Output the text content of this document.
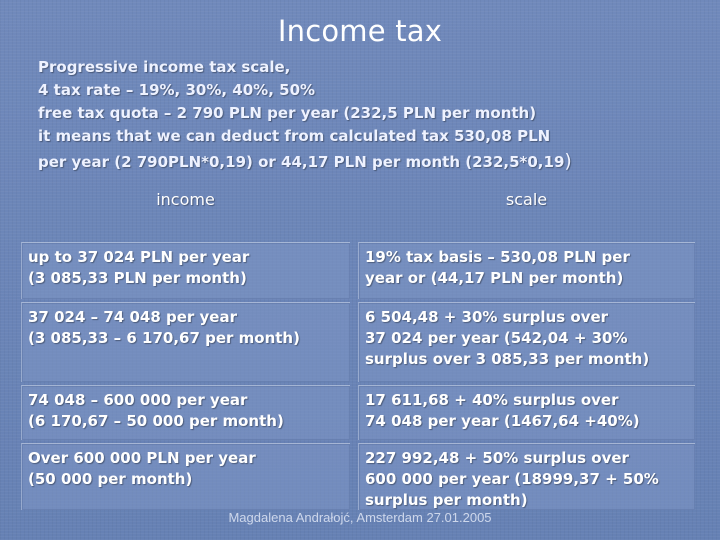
Income tax
Progressive income tax scale,
4 tax rate – 19%, 30%, 40%, 50%
free tax quota – 2 790 PLN per year (232,5 PLN per month)
it means that we can deduct from calculated tax 530,08 PLN
per year (2 790PLN*0,19) or 44,17 PLN per month (232,5*0,19)
income	scale
up to 37 024 PLN per year
(3 085,33 PLN per month)
19% tax basis – 530,08 PLN per
year or (44,17 PLN per month)
37 024 – 74 048 per year
(3 085,33 – 6 170,67 per month)
6 504,48 + 30% surplus over
37 024 per year (542,04 + 30%
surplus over 3 085,33 per month)
74 048 – 600 000 per year
(6 170,67 – 50 000 per month)
17 611,68 + 40% surplus over
74 048 per year (1467,64 +40%)
Over 600 000 PLN per year
(50 000 per month)
227 992,48 + 50% surplus over
600 000 per year (18999,37 + 50%
surplus per month)
Magdalena Andrałojć, Amsterdam 27.01.2005
